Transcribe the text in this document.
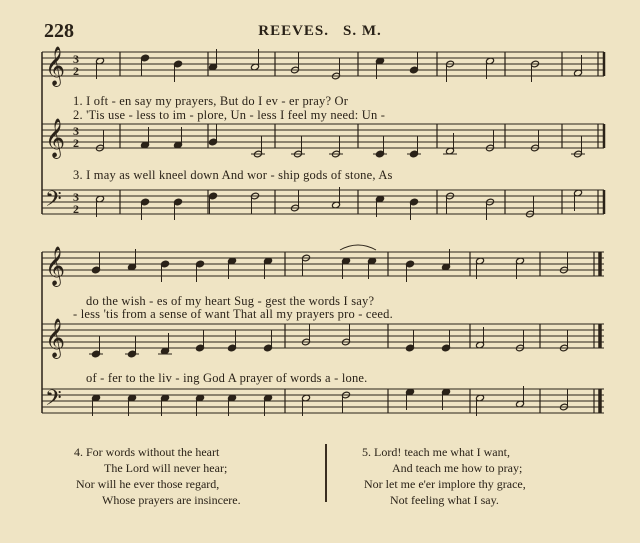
228	REEVES. S. M.
𝄞
𝄞
𝄢
𝄞
𝄞
𝄢
3
2
3
2
3
2
1. I oft - en say my prayers, But do I ev - er pray? Or
2. 'Tis use - less to im - plore, Un - less I feel my need: Un -
3. I may as well kneel down And wor - ship gods of stone, As
do the wish - es of my heart Sug - gest the words I say?
- less 'tis from a sense of want That all my prayers pro - ceed.
of - fer to the liv - ing God A prayer of words a - lone.
4. For words without the heart
The Lord will never hear;
Nor will he ever those regard,
Whose prayers are insincere.
5. Lord! teach me what I want,
And teach me how to pray;
Nor let me e'er implore thy grace,
Not feeling what I say.
